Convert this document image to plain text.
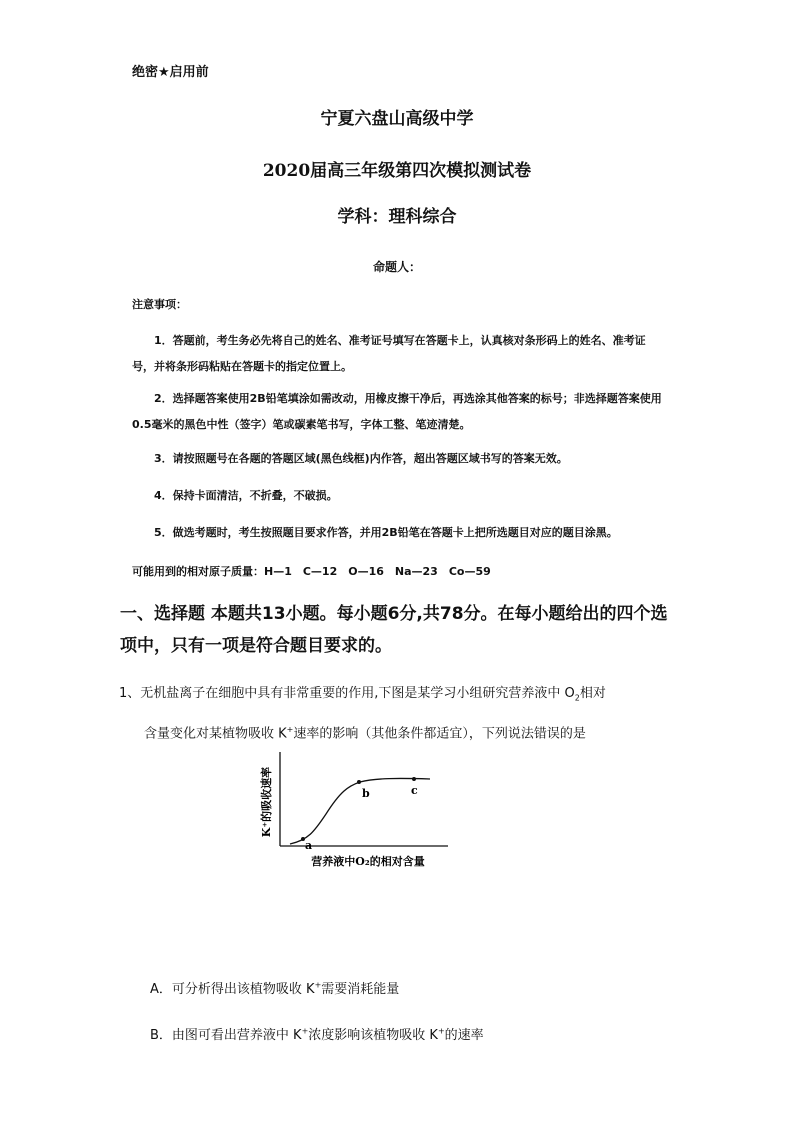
绝密★启用前
宁夏六盘山高级中学
2020届高三年级第四次模拟测试卷
学科：理科综合
命题人：
注意事项：
1．答题前，考生务必先将自己的姓名、准考证号填写在答题卡上，认真核对条形码上的姓名、准考证号，并将条形码粘贴在答题卡的指定位置上。
2．选择题答案使用2B铅笔填涂如需改动，用橡皮擦干净后，再选涂其他答案的标号；非选择题答案使用0.5毫米的黑色中性（签字）笔或碳素笔书写，字体工整、笔迹清楚。
3．请按照题号在各题的答题区域(黑色线框)内作答，超出答题区域书写的答案无效。
4．保持卡面清洁，不折叠，不破损。
5．做选考题时，考生按照题目要求作答，并用2B铅笔在答题卡上把所选题目对应的题目涂黑。
可能用到的相对原子质量：H—1　C—12　O—16　Na—23　Co—59
一、选择题 本题共13小题。每小题6分,共78分。在每小题给出的四个选项中，只有一项是符合题目要求的。
1、无机盐离子在细胞中具有非常重要的作用,下图是某学习小组研究营养液中 $O_2$相对
含量变化对某植物吸收 K+速率的影响（其他条件都适宜），下列说法错误的是
K⁺的吸收速率
a
b	c
营养液中O₂的相对含量
A．可分析得出该植物吸收 K+需要消耗能量
B．由图可看出营养液中 K+浓度影响该植物吸收 K+的速率
